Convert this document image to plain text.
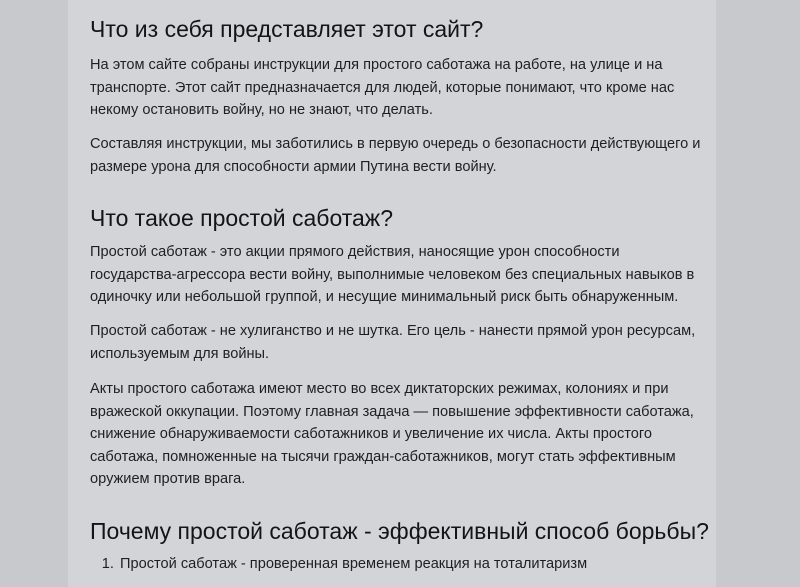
Что из себя представляет этот сайт?

На этом сайте собраны инструкции для простого саботажа на работе, на улице и на транспорте. Этот сайт предназначается для людей, которые понимают, что кроме нас некому остановить войну, но не знают, что делать.

Составляя инструкции, мы заботились в первую очередь о безопасности действующего и размере урона для способности армии Путина вести войну.

Что такое простой саботаж?

Простой саботаж - это акции прямого действия, наносящие урон способности государства-агрессора вести войну, выполнимые человеком без специальных навыков в одиночку или небольшой группой, и несущие минимальный риск быть обнаруженным.

Простой саботаж - не хулиганство и не шутка. Его цель - нанести прямой урон ресурсам, используемым для войны.

Акты простого саботажа имеют место во всех диктаторских режимах, колониях и при вражеской оккупации. Поэтому главная задача — повышение эффективности саботажа, снижение обнаруживаемости саботажников и увеличение их числа. Акты простого саботажа, помноженные на тысячи граждан-саботажников, могут стать эффективным оружием против врага.

Почему простой саботаж - эффективный способ борьбы?
1. Простой саботаж - проверенная временем реакция на тоталитаризм
